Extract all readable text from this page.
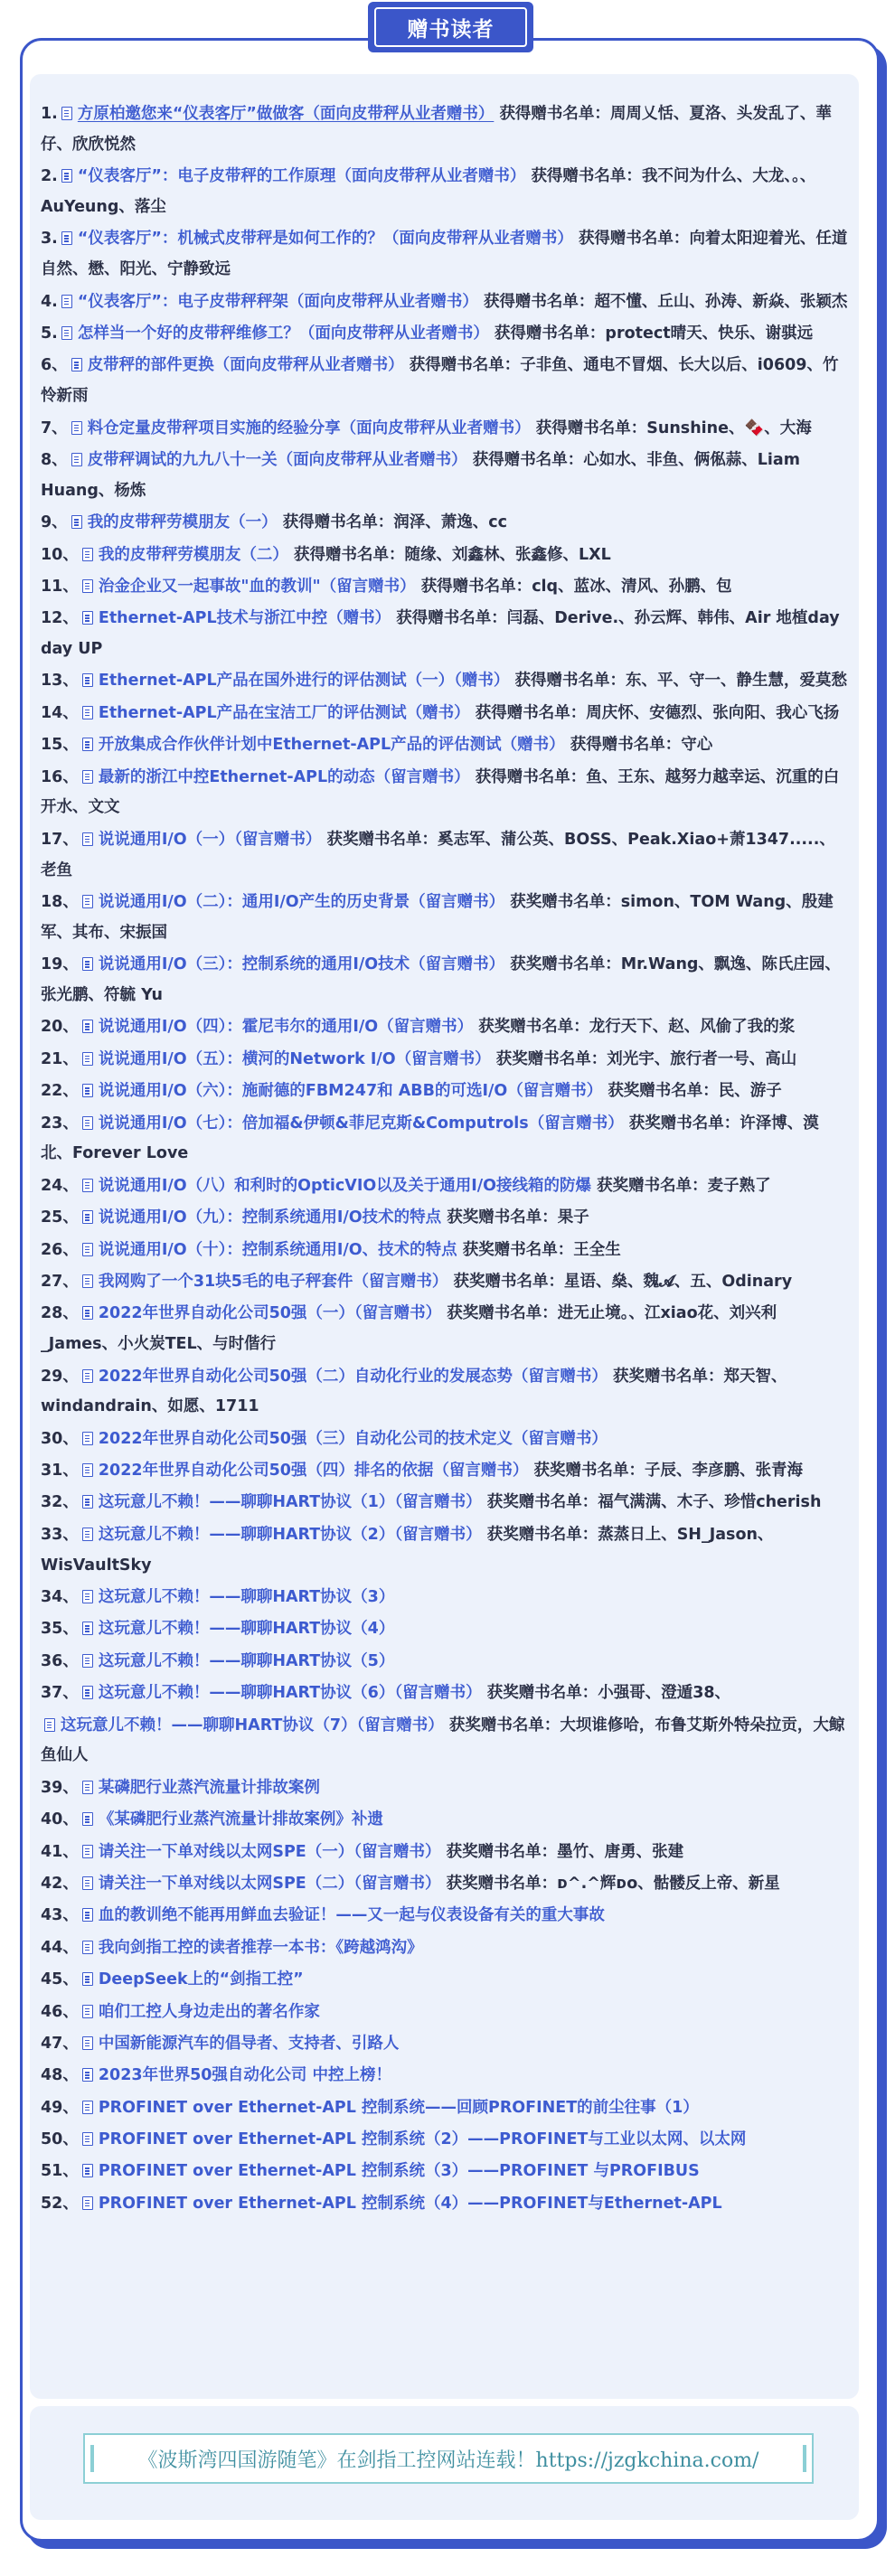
赠书读者
1. 方原柏邀您来“仪表客厅”做做客（面向皮带秤从业者赠书） 获得赠书名单：周周乂恬、夏洛、头发乱了、華仔、欣欣悦然
2. “仪表客厅”：电子皮带秤的工作原理（面向皮带秤从业者赠书） 获得赠书名单：我不问为什么、大龙、。、AuYeung、落尘
3. “仪表客厅”：机械式皮带秤是如何工作的？（面向皮带秤从业者赠书） 获得赠书名单：向着太阳迎着光、任道自然、懋、阳光、宁静致远
4. “仪表客厅”：电子皮带秤秤架（面向皮带秤从业者赠书） 获得赠书名单：超不懂、丘山、孙涛、新焱、张颖杰
5. 怎样当一个好的皮带秤维修工？（面向皮带秤从业者赠书） 获得赠书名单：protect晴天、快乐、谢骐远
6、 皮带秤的部件更换（面向皮带秤从业者赠书） 获得赠书名单：子非鱼、通电不冒烟、长大以后、i0609、竹怜新雨
7、 料仓定量皮带秤项目实施的经验分享（面向皮带秤从业者赠书） 获得赠书名单：Sunshine、🍫、大海
8、 皮带秤调试的九九八十一关（面向皮带秤从业者赠书） 获得赠书名单：心如水、非鱼、俩俬蒜、Liam Huang、杨炼
9、 我的皮带秤劳模朋友（一） 获得赠书名单：润泽、萧逸、cc
10、 我的皮带秤劳模朋友（二） 获得赠书名单：随缘、刘鑫林、张鑫修、LXL
11、 治金企业又一起事故"血的教训"（留言赠书） 获得赠书名单：clq、蓝冰、清风、孙鹏、包
12、 Ethernet-APL技术与浙江中控（赠书） 获得赠书名单：闫磊、Derive.、孙云辉、韩伟、Air 地植day day UP
13、 Ethernet-APL产品在国外进行的评估测试（一）（赠书） 获得赠书名单：东、平、守一、静生慧，爱莫愁
14、 Ethernet-APL产品在宝洁工厂的评估测试（赠书） 获得赠书名单：周庆怀、安德烈、张向阳、我心飞扬
15、 开放集成合作伙伴计划中Ethernet-APL产品的评估测试（赠书） 获得赠书名单：守心
16、 最新的浙江中控Ethernet-APL的动态（留言赠书） 获得赠书名单：鱼、王东、越努力越幸运、沉重的白开水、文文
17、 说说通用I/O（一）（留言赠书） 获奖赠书名单：奚志军、蒲公英、BOSS、Peak.Xiao+萧1347.....、老鱼
18、 说说通用I/O（二）：通用I/O产生的历史背景（留言赠书） 获奖赠书名单：simon、TOM Wang、殷建军、其布、宋振国
19、 说说通用I/O（三）：控制系统的通用I/O技术（留言赠书） 获奖赠书名单：Mr.Wang、飘逸、陈氏庄园、张光鹏、符毓 Yu
20、 说说通用I/O（四）：霍尼韦尔的通用I/O（留言赠书） 获奖赠书名单：龙行天下、赵、风偷了我的浆
21、 说说通用I/O（五）：横河的Network I/O（留言赠书） 获奖赠书名单：刘光宇、旅行者一号、高山
22、 说说通用I/O（六）：施耐德的FBM247和 ABB的可选I/O（留言赠书） 获奖赠书名单：民、游子
23、 说说通用I/O（七）：倍加福&伊顿&菲尼克斯&Computrols（留言赠书） 获奖赠书名单：许泽博、漠北、Forever Love
24、 说说通用I/O（八）和利时的OpticVIO以及关于通用I/O接线箱的防爆 获奖赠书名单：麦子熟了
25、 说说通用I/O（九）：控制系统通用I/O技术的特点 获奖赠书名单：果子
26、 说说通用I/O（十）：控制系统通用I/O、技术的特点 获奖赠书名单：王全生
27、 我网购了一个31块5毛的电子秤套件（留言赠书） 获奖赠书名单：星语、燊、魏𝓐、五、Odinary
28、 2022年世界自动化公司50强（一）（留言赠书） 获奖赠书名单：进无止境。、江xiao花、刘兴利_James、小火炭TEL、与时偕行
29、 2022年世界自动化公司50强（二）自动化行业的发展态势（留言赠书） 获奖赠书名单：郑天智、windandrain、如愿、1711
30、 2022年世界自动化公司50强（三）自动化公司的技术定义（留言赠书）
31、 2022年世界自动化公司50强（四）排名的依据（留言赠书） 获奖赠书名单：子辰、李彦鹏、张青海
32、 这玩意儿不赖！——聊聊HART协议（1）（留言赠书） 获奖赠书名单：福气满满、木子、珍惜cherish
33、 这玩意儿不赖！——聊聊HART协议（2）（留言赠书） 获奖赠书名单：蒸蒸日上、SH_Jason、WisVaultSky
34、 这玩意儿不赖！——聊聊HART协议（3）
35、 这玩意儿不赖！——聊聊HART协议（4）
36、 这玩意儿不赖！——聊聊HART协议（5）
37、 这玩意儿不赖！——聊聊HART协议（6）（留言赠书） 获奖赠书名单：小强哥、澄遁38、
这玩意儿不赖！——聊聊HART协议（7）（留言赠书） 获奖赠书名单：大坝谁修哈，布鲁艾斯外特朵拉贡，大鲸鱼仙人
39、 某磷肥行业蒸汽流量计排故案例
40、 《某磷肥行业蒸汽流量计排故案例》补遗
41、 请关注一下单对线以太网SPE（一）（留言赠书） 获奖赠书名单：墨竹、唐勇、张建
42、 请关注一下单对线以太网SPE（二）（留言赠书） 获奖赠书名单：ᴅ^.^辉ᴅᴏ、骷髅反上帝、新星
43、 血的教训绝不能再用鲜血去验证！——又一起与仪表设备有关的重大事故
44、 我向剑指工控的读者推荐一本书：《跨越鸿沟》
45、 DeepSeek上的“剑指工控”
46、 咱们工控人身边走出的著名作家
47、 中国新能源汽车的倡导者、支持者、引路人
48、 2023年世界50强自动化公司 中控上榜！
49、 PROFINET over Ethernet-APL 控制系统——回顾PROFINET的前尘往事（1）
50、 PROFINET over Ethernet-APL 控制系统（2）——PROFINET与工业以太网、以太网
51、 PROFINET over Ethernet-APL 控制系统（3）——PROFINET 与PROFIBUS
52、 PROFINET over Ethernet-APL 控制系统（4）——PROFINET与Ethernet-APL
《波斯湾四国游随笔》在剑指工控网站连载！https://jzgkchina.com/
